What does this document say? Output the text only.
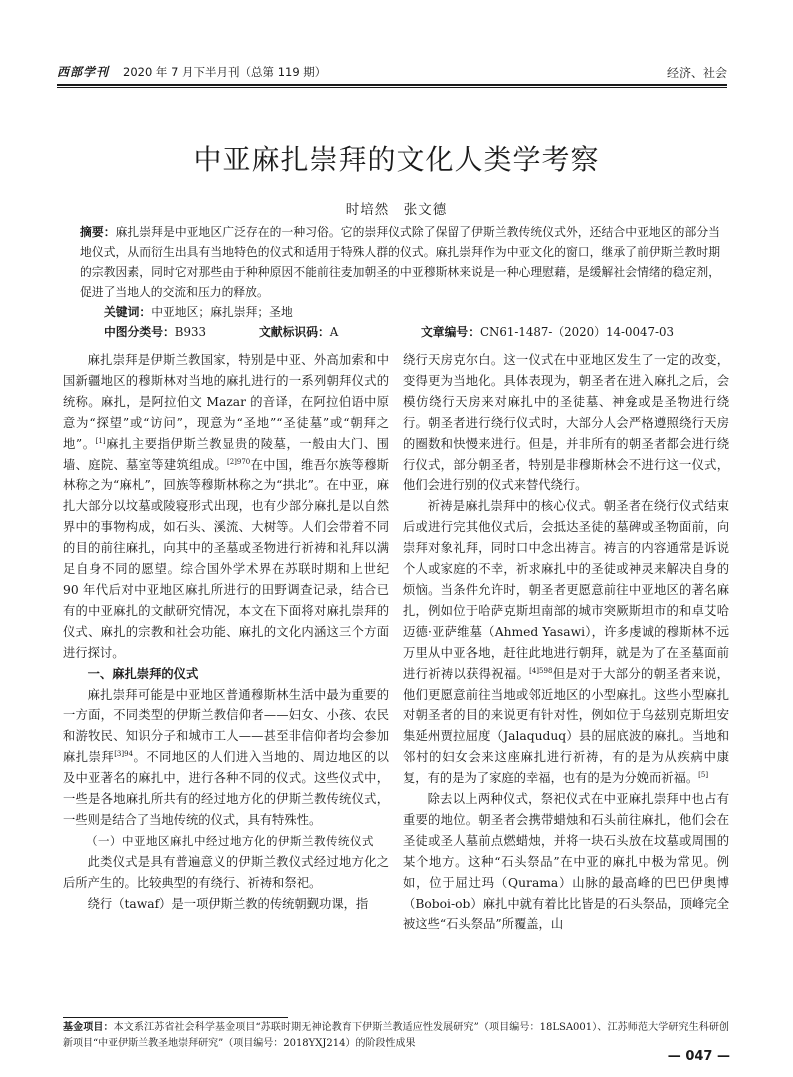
西部学刊 2020 年 7 月下半月刊（总第 119 期）	经济、社会
中亚麻扎崇拜的文化人类学考察
时培然　张文德
摘要：麻扎崇拜是中亚地区广泛存在的一种习俗。它的崇拜仪式除了保留了伊斯兰教传统仪式外，还结合中亚地区的部分当地仪式，从而衍生出具有当地特色的仪式和适用于特殊人群的仪式。麻扎崇拜作为中亚文化的窗口，继承了前伊斯兰教时期的宗教因素，同时它对那些由于种种原因不能前往麦加朝圣的中亚穆斯林来说是一种心理慰藉，是缓解社会情绪的稳定剂，促进了当地人的交流和压力的释放。
关键词：中亚地区；麻扎崇拜；圣地
中图分类号：B933	文献标识码：A	文章编号：CN61-1487-（2020）14-0047-03

麻扎崇拜是伊斯兰教国家，特别是中亚、外高加索和中国新疆地区的穆斯林对当地的麻扎进行的一系列朝拜仪式的统称。麻扎，是阿拉伯文 Mazar 的音译，在阿拉伯语中原意为“探望”或“访问”，现意为“圣地”“圣徒墓”或“朝拜之地”。[1]麻扎主要指伊斯兰教显贵的陵墓，一般由大门、围墙、庭院、墓室等建筑组成。$^{[2]970}$在中国，维吾尔族等穆斯林称之为“麻札”，回族等穆斯林称之为“拱北”。在中亚，麻扎大部分以坟墓或陵寝形式出现，也有少部分麻扎是以自然界中的事物构成，如石头、溪流、大树等。人们会带着不同的目的前往麻扎，向其中的圣墓或圣物进行祈祷和礼拜以满足自身不同的愿望。综合国外学术界在苏联时期和上世纪 90 年代后对中亚地区麻扎所进行的田野调查记录，结合已有的中亚麻扎的文献研究情况，本文在下面将对麻扎崇拜的仪式、麻扎的宗教和社会功能、麻扎的文化内涵这三个方面进行探讨。

一、麻扎崇拜的仪式

麻扎崇拜可能是中亚地区普通穆斯林生活中最为重要的一方面，不同类型的伊斯兰教信仰者——妇女、小孩、农民和游牧民、知识分子和城市工人——甚至非信仰者均会参加麻扎崇拜$^{[3]94}$。不同地区的人们进入当地的、周边地区的以及中亚著名的麻扎中，进行各种不同的仪式。这些仪式中，一些是各地麻扎所共有的经过地方化的伊斯兰教传统仪式，一些则是结合了当地传统的仪式，具有特殊性。

（一）中亚地区麻扎中经过地方化的伊斯兰教传统仪式

此类仪式是具有普遍意义的伊斯兰教仪式经过地方化之后所产生的。比较典型的有绕行、祈祷和祭祀。

绕行（tawaf）是一项伊斯兰教的传统朝觐功课，指

绕行天房克尔白。这一仪式在中亚地区发生了一定的改变，变得更为当地化。具体表现为，朝圣者在进入麻扎之后，会模仿绕行天房来对麻扎中的圣徒墓、神龛或是圣物进行绕行。朝圣者进行绕行仪式时，大部分人会严格遵照绕行天房的圈数和快慢来进行。但是，并非所有的朝圣者都会进行绕行仪式，部分朝圣者，特别是非穆斯林会不进行这一仪式，他们会进行别的仪式来替代绕行。

祈祷是麻扎崇拜中的核心仪式。朝圣者在绕行仪式结束后或进行完其他仪式后，会抵达圣徒的墓碑或圣物面前，向崇拜对象礼拜，同时口中念出祷言。祷言的内容通常是诉说个人或家庭的不幸，祈求麻扎中的圣徒或神灵来解决自身的烦恼。当条件允许时，朝圣者更愿意前往中亚地区的著名麻扎，例如位于哈萨克斯坦南部的城市突厥斯坦市的和卓艾哈迈德·亚萨维墓（Ahmed Yasawi），许多虔诚的穆斯林不远万里从中亚各地，赶往此地进行朝拜，就是为了在圣墓面前进行祈祷以获得祝福。$^{[4]598}$但是对于大部分的朝圣者来说，他们更愿意前往当地或邻近地区的小型麻扎。这些小型麻扎对朝圣者的目的来说更有针对性，例如位于乌兹别克斯坦安集延州贾拉屈度（Jalaquduq）县的屈底波的麻扎。当地和邻村的妇女会来这座麻扎进行祈祷，有的是为从疾病中康复，有的是为了家庭的幸福，也有的是为分娩而祈福。[5]

除去以上两种仪式，祭祀仪式在中亚麻扎崇拜中也占有重要的地位。朝圣者会携带蜡烛和石头前往麻扎，他们会在圣徒或圣人墓前点燃蜡烛，并将一块石头放在坟墓或周围的某个地方。这种“石头祭品”在中亚的麻扎中极为常见。例如，位于屈辻玛（Qurama）山脉的最高峰的巴巴伊奥博（Boboi-ob）麻扎中就有着比比皆是的石头祭品，顶峰完全被这些“石头祭品”所覆盖，山

基金项目：本文系江苏省社会科学基金项目“苏联时期无神论教育下伊斯兰教适应性发展研究”（项目编号：18LSA001）、江苏师范大学研究生科研创新项目“中亚伊斯兰教圣地崇拜研究”（项目编号：2018YXJ214）的阶段性成果
— 047 —
